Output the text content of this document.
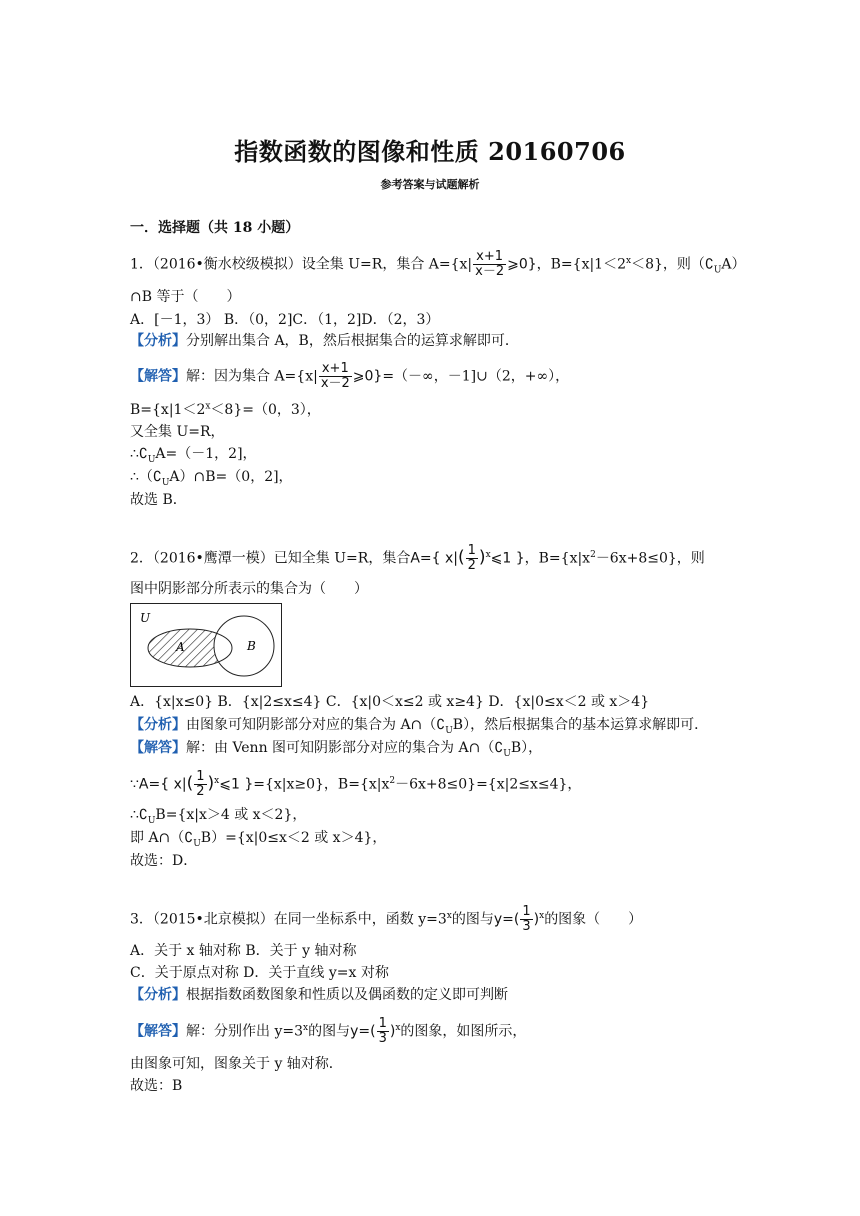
指数函数的图像和性质 20160706
参考答案与试题解析
一．选择题（共 18 小题）
1．（2016•衡水校级模拟）设全集 U=R，集合 $A=\{x| \frac{x+1}{x-2}$ ⩾0}，$B=\{x|1<2^x<8\}$，则$(∁_UA)$
∩B 等于（　　）
A．[－1，3） B．（0，2]C．（1，2]D．（2，3）
【分析】分别解出集合 A，B，然后根据集合的运算求解即可．
【解答】解：因为集合 $A=\{x| \frac{x+1}{x-2}$ ⩾0}=（－∞，－1]∪（2，+∞），
$B=\{x|1<2^x<8\}=(0$，3），
又全集 U=R，
$\therefore∁_UA=(-1$，2]，
$\therefore(∁_UA)\cap B=(0$，2]，
故选 B．
2．（2016•鹰潭一模）已知全集 U=R，集合A={ $x|( \frac{1}{2}$ )$^x⩽1$ }，$B=\{x|x^2-6x+8\le 0\}$，则
图中阴影部分所表示的集合为（　　）
U
A	B
A．{x|x≤0} B．{x|2≤x≤4} C．{x|0＜x≤2 或 x≥4} D．{x|0≤x＜2 或 x＞4}
【分析】由图象可知阴影部分对应的集合为 $A\cap(∁_UB)$，然后根据集合的基本运算求解即可．
【解答】解：由 Venn 图可知阴影部分对应的集合为 $A\cap(∁_UB)$，
∵A={ $x|( \frac{1}{2}$ )$^x⩽1$ }={x|x≥0}，$B=\{x|x^2-6x+8\le 0\}=\{x|2\le x\le 4\}$，
$\therefore∁_UB=\{x|x>4$ 或 x＜2}，
即 $A\cap(∁_UB)=\{x|0\le x<2$ 或 x＞4}，
故选：D．
3．（2015•北京模拟）在同一坐标系中，函数 $y=3^x$的图与$y=( \frac{1}{3} )^x$的图象（　　）
A．关于 x 轴对称 B．关于 y 轴对称
C．关于原点对称 D．关于直线 y=x 对称
【分析】根据指数函数图象和性质以及偶函数的定义即可判断
【解答】解：分别作出 $y=3^x$的图与$y=( \frac{1}{3} )^x$的图象，如图所示，
由图象可知，图象关于 y 轴对称．
故选：B
